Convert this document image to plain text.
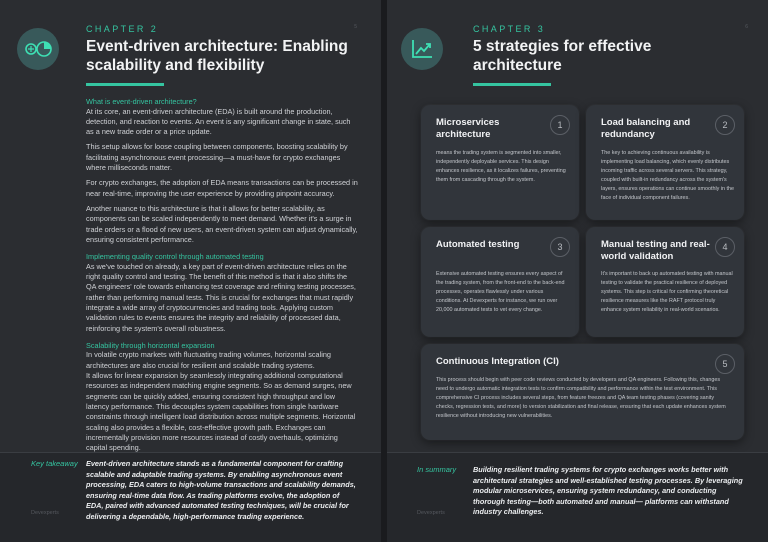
CHAPTER 2	5
Event-driven architecture: Enabling scalability and flexibility
What is event-driven architecture?

At its core, an event-driven architecture (EDA) is built around the production, detection, and reaction to events. An event is any significant change in state, such as a new trade order or a price update.

This setup allows for loose coupling between components, boosting scalability by facilitating asynchronous event processing—a must-have for crypto exchanges where milliseconds matter.

For crypto exchanges, the adoption of EDA means transactions can be processed in near real-time, improving the user experience by providing pinpoint accuracy.

Another nuance to this architecture is that it allows for better scalability, as components can be scaled independently to meet demand. Whether it's a surge in trade orders or a flood of new users, an event-driven system can adjust dynamically, ensuring consistent performance.

Implementing quality control through automated testing

As we've touched on already, a key part of event-driven architecture relies on the right quality control and testing. The benefit of this method is that it also shifts the QA engineers' role towards enhancing test coverage and refining testing processes, rather than performing manual tests. This is crucial for exchanges that must rapidly integrate a wide array of cryptocurrencies and trading tools. Applying custom validation rules to events ensures the integrity and reliability of processed data, reinforcing the system's overall robustness.

Scalability through horizontal expansion

In volatile crypto markets with fluctuating trading volumes, horizontal scaling architectures are also crucial for resilient and scalable trading systems.

It allows for linear expansion by seamlessly integrating additional computational resources as independent matching engine segments. So as demand surges, new segments can be quickly added, ensuring consistent high throughput and low latency performance. This decouples system capabilities from single hardware constraints through intelligent load distribution across multiple segments. Horizontal scaling also provides a flexible, cost-effective growth path. Exchanges can incrementally provision more resources instead of costly overhauls, optimizing capital spending.

Key takeaway Event-driven architecture stands as a fundamental component for crafting scalable and adaptable trading systems. By enabling asynchronous event processing, EDA caters to high-volume transactions and scalability demands, ensuring real-time data flow. As trading platforms evolve, the adoption of EDA, paired with advanced automated testing techniques, will be crucial for delivering a dependable, high-performance trading experience.
Devexperts
CHAPTER 3	6
5 strategies for effective architecture
Microservices architecture
1
means the trading system is segmented into smaller, independently deployable services. This design enhances resilience, as it localizes failures, preventing them from cascading through the system.
Load balancing and redundancy
2
The key to achieving continuous availability is implementing load balancing, which evenly distributes incoming traffic across several servers. This strategy, coupled with built-in redundancy across the system's layers, ensures operations can continue smoothly in the face of individual component failures.
Automated testing	3
Extensive automated testing ensures every aspect of the trading system, from the front-end to the back-end processes, operates flawlessly under various conditions. At Devexperts for instance, we run over 20,000 automated tests to vet every change.
Manual testing and real-world validation
4
It's important to back up automated testing with manual testing to validate the practical resilience of deployed systems. This step is critical for confirming theoretical resilience measures like the RAFT protocol truly enhance system reliability in real-world scenarios.
Continuous Integration (CI)	5
This process should begin with peer code reviews conducted by developers and QA engineers. Following this, changes need to undergo automatic integration tests to confirm compatibility and performance within the test environment. This comprehensive CI process includes several steps, from feature freezes and QA team testing phases (covering sanity checks, regression tests, and more) to version stabilization and final release, ensuring that each update enhances system resilience without introducing new vulnerabilities.
In summary Building resilient trading systems for crypto exchanges works better with architectural strategies and well-established testing processes. By leveraging modular microservices, ensuring system redundancy, and conducting thorough testing—both automated and manual— platforms can withstand industry challenges.
Devexperts
